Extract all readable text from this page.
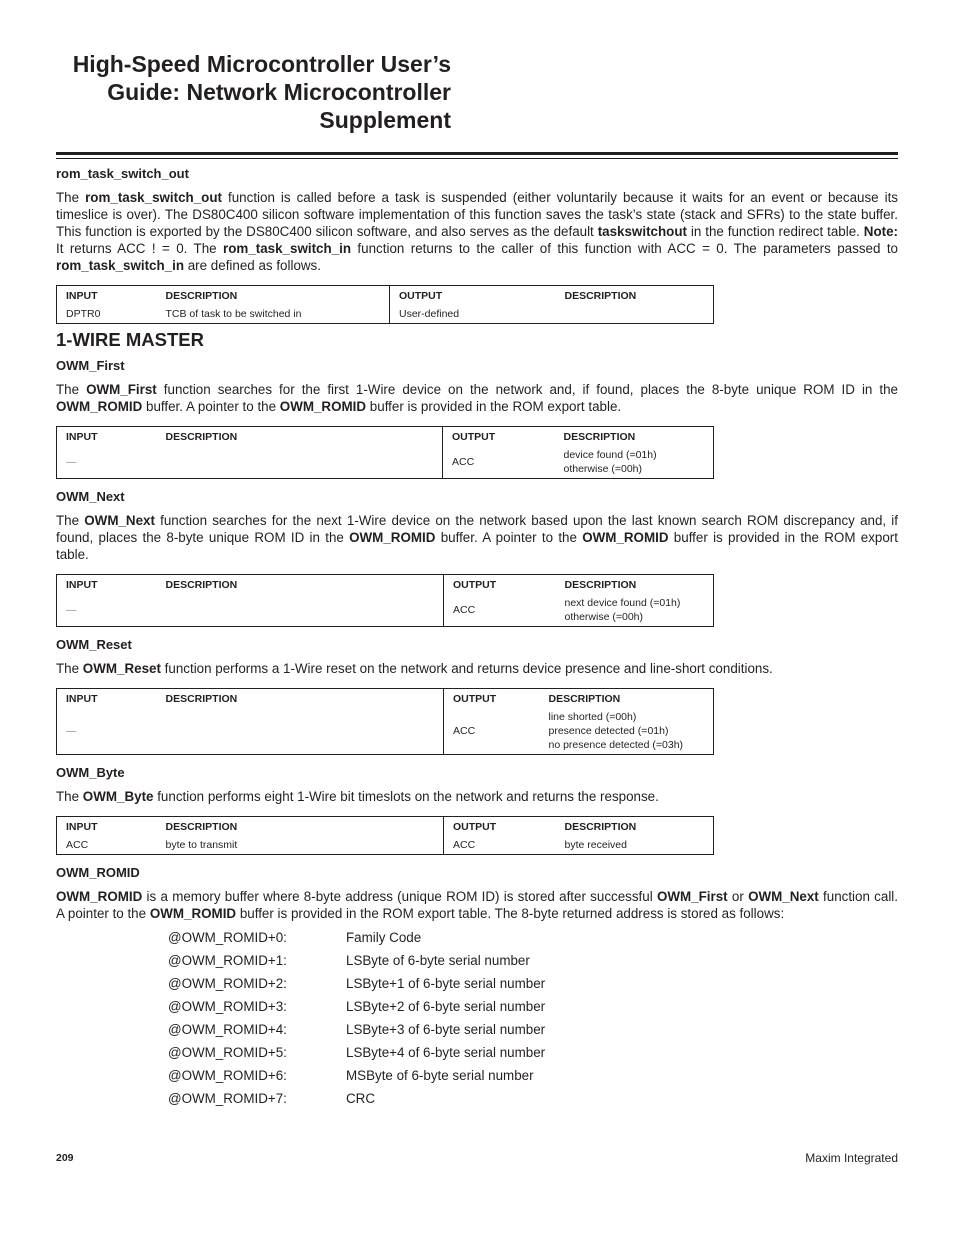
High-Speed Microcontroller User’s
Guide: Network Microcontroller
Supplement

rom_task_switch_out

The rom_task_switch_out function is called before a task is suspended (either voluntarily because it waits for an event or because its timeslice is over). The DS80C400 silicon software implementation of this function saves the task’s state (stack and SFRs) to the state buffer. This function is exported by the DS80C400 silicon software, and also serves as the default taskswitchout in the function redirect table. Note: It returns ACC ! = 0. The rom_task_switch_in function returns to the caller of this function with ACC = 0. The parameters passed to rom_task_switch_in are defined as follows.

INPUT	DESCRIPTION	OUTPUT	DESCRIPTION
DPTR0	TCB of task to be switched in	User-defined	
1-WIRE MASTER

OWM_First

The OWM_First function searches for the first 1-Wire device on the network and, if found, places the 8-byte unique ROM ID in the OWM_ROMID buffer. A pointer to the OWM_ROMID buffer is provided in the ROM export table.

INPUT	DESCRIPTION	OUTPUT	DESCRIPTION
—		ACC	device found (=01h)
otherwise (=00h)

OWM_Next

The OWM_Next function searches for the next 1-Wire device on the network based upon the last known search ROM discrepancy and, if found, places the 8-byte unique ROM ID in the OWM_ROMID buffer. A pointer to the OWM_ROMID buffer is provided in the ROM export table.

INPUT	DESCRIPTION	OUTPUT	DESCRIPTION
—		ACC	next device found (=01h)
otherwise (=00h)

OWM_Reset

The OWM_Reset function performs a 1-Wire reset on the network and returns device presence and line-short conditions.

INPUT	DESCRIPTION	OUTPUT	DESCRIPTION
—		ACC	line shorted (=00h)
presence detected (=01h)
no presence detected (=03h)

OWM_Byte

The OWM_Byte function performs eight 1-Wire bit timeslots on the network and returns the response.

INPUT	DESCRIPTION	OUTPUT	DESCRIPTION
ACC	byte to transmit	ACC	byte received

OWM_ROMID

OWM_ROMID is a memory buffer where 8-byte address (unique ROM ID) is stored after successful OWM_First or OWM_Next function call. A pointer to the OWM_ROMID buffer is provided in the ROM export table. The 8-byte returned address is stored as follows:

@OWM_ROMID+0:	Family Code
@OWM_ROMID+1:	LSByte of 6-byte serial number
@OWM_ROMID+2:	LSByte+1 of 6-byte serial number
@OWM_ROMID+3:	LSByte+2 of 6-byte serial number
@OWM_ROMID+4:	LSByte+3 of 6-byte serial number
@OWM_ROMID+5:	LSByte+4 of 6-byte serial number
@OWM_ROMID+6:	MSByte of 6-byte serial number
@OWM_ROMID+7:	CRC
209	Maxim Integrated
